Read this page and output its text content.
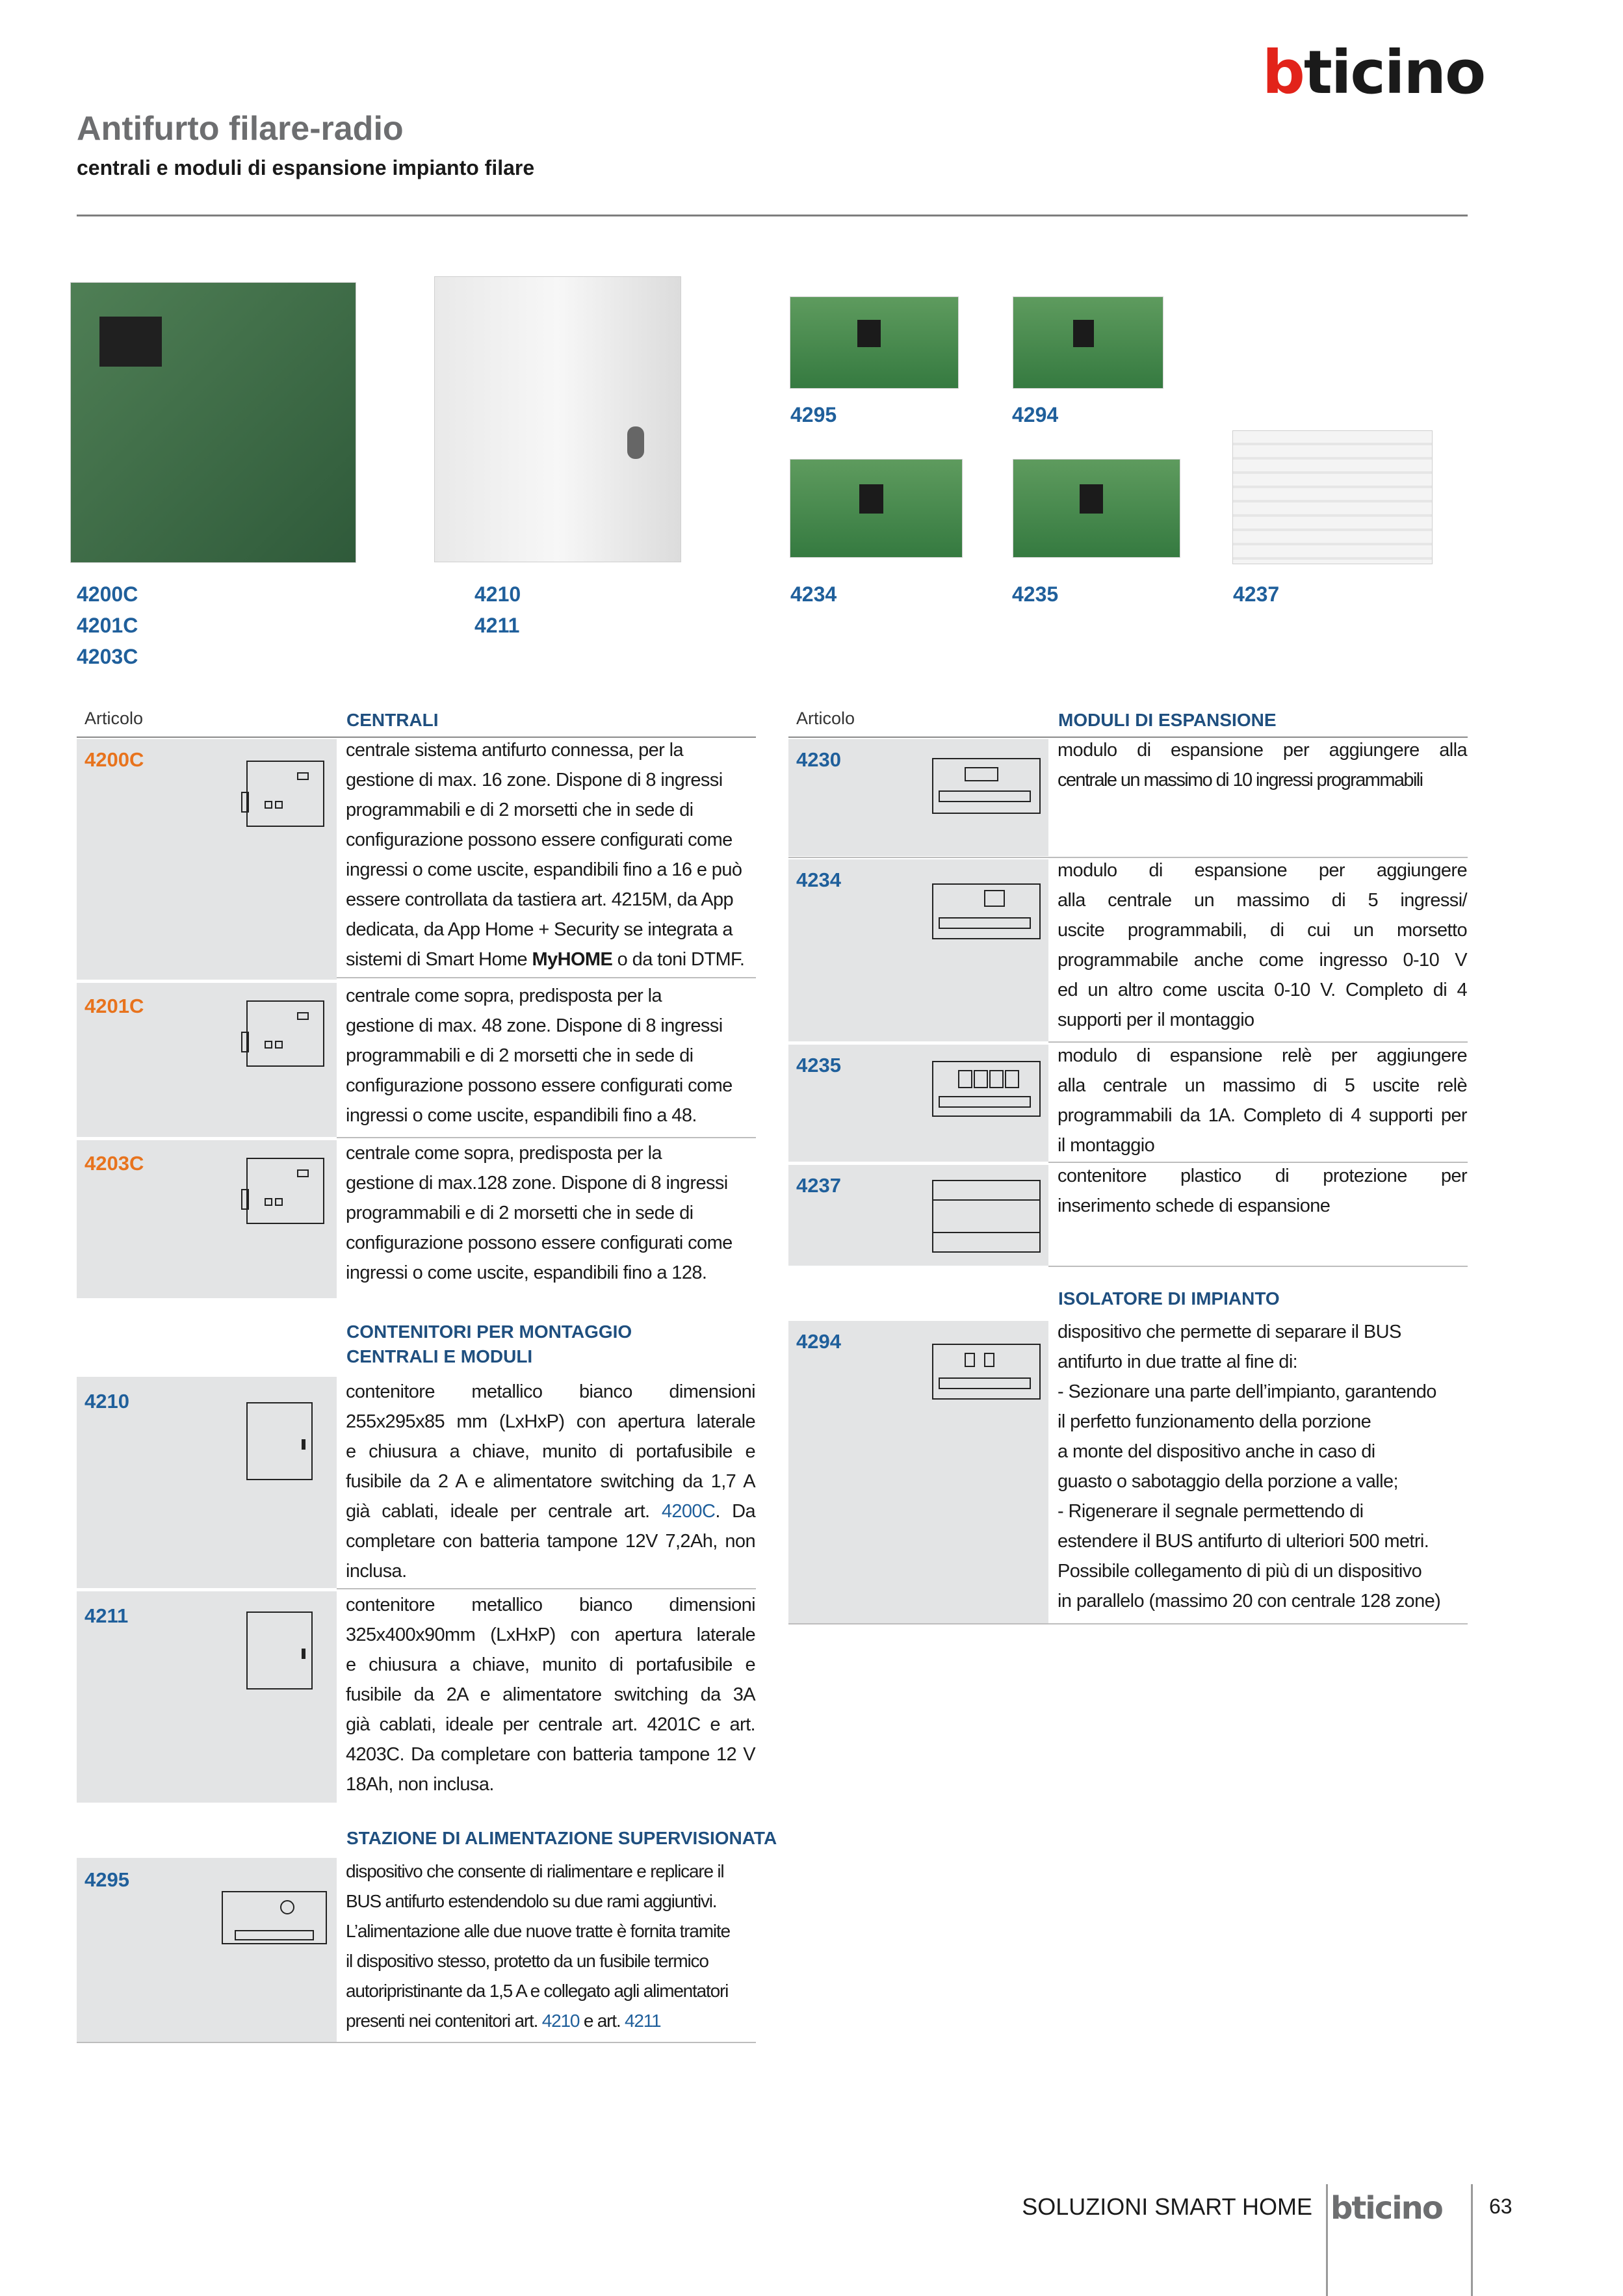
bticino
Antifurto filare-radio
centrali e moduli di espansione impianto filare
4200C
4201C
4203C
4210
4211
4295	4294
4234	4235	4237
Articolo	CENTRALI
4200C	centrale sistema antifurto connessa, per la
gestione di max. 16 zone. Dispone di 8 ingressi
programmabili e di 2 morsetti che in sede di
configurazione possono essere configurati come
ingressi o come uscite, espandibili fino a 16 e può
essere controllata da tastiera art. 4215M, da App
dedicata, da App Home + Security se integrata a
sistemi di Smart Home MyHOME o da toni DTMF.
4201C	centrale come sopra, predisposta per la
gestione di max. 48 zone. Dispone di 8 ingressi
programmabili e di 2 morsetti che in sede di
configurazione possono essere configurati come
ingressi o come uscite, espandibili fino a 48.
4203C	centrale come sopra, predisposta per la
gestione di max.128 zone. Dispone di 8 ingressi
programmabili e di 2 morsetti che in sede di
configurazione possono essere configurati come
ingressi o come uscite, espandibili fino a 128.
CONTENITORI PER MONTAGGIO
CENTRALI E MODULI
4210	contenitore metallico bianco dimensioni
255x295x85 mm (LxHxP) con apertura laterale
e chiusura a chiave, munito di portafusibile e
fusibile da 2 A e alimentatore switching da 1,7 A
già cablati, ideale per centrale art. 4200C. Da
completare con batteria tampone 12V 7,2Ah, non
inclusa.
4211	contenitore metallico bianco dimensioni
325x400x90mm (LxHxP) con apertura laterale
e chiusura a chiave, munito di portafusibile e
fusibile da 2A e alimentatore switching da 3A
già cablati, ideale per centrale art. 4201C e art.
4203C. Da completare con batteria tampone 12 V
18Ah, non inclusa.
STAZIONE DI ALIMENTAZIONE SUPERVISIONATA
4295	dispositivo che consente di rialimentare e replicare il
BUS antifurto estendendolo su due rami aggiuntivi.
L’alimentazione alle due nuove tratte è fornita tramite
il dispositivo stesso, protetto da un fusibile termico
autoripristinante da 1,5 A e collegato agli alimentatori
presenti nei contenitori art. 4210 e art. 4211
Articolo	MODULI DI ESPANSIONE
4230	modulo di espansione per aggiungere alla
centrale un massimo di 10 ingressi programmabili
4234	modulo di espansione per aggiungere
alla centrale un massimo di 5 ingressi/
uscite programmabili, di cui un morsetto
programmabile anche come ingresso 0-10 V
ed un altro come uscita 0-10 V. Completo di 4
supporti per il montaggio
4235	modulo di espansione relè per aggiungere
alla centrale un massimo di 5 uscite relè
programmabili da 1A. Completo di 4 supporti per
il montaggio
4237	contenitore plastico di protezione per
inserimento schede di espansione
ISOLATORE DI IMPIANTO
4294	dispositivo che permette di separare il BUS
antifurto in due tratte al fine di:
- Sezionare una parte dell’impianto, garantendo
il perfetto funzionamento della porzione
a monte del dispositivo anche in caso di
guasto o sabotaggio della porzione a valle;
- Rigenerare il segnale permettendo di
estendere il BUS antifurto di ulteriori 500 metri.
Possibile collegamento di più di un dispositivo
in parallelo (massimo 20 con centrale 128 zone)
SOLUZIONI SMART HOME bticino 63
